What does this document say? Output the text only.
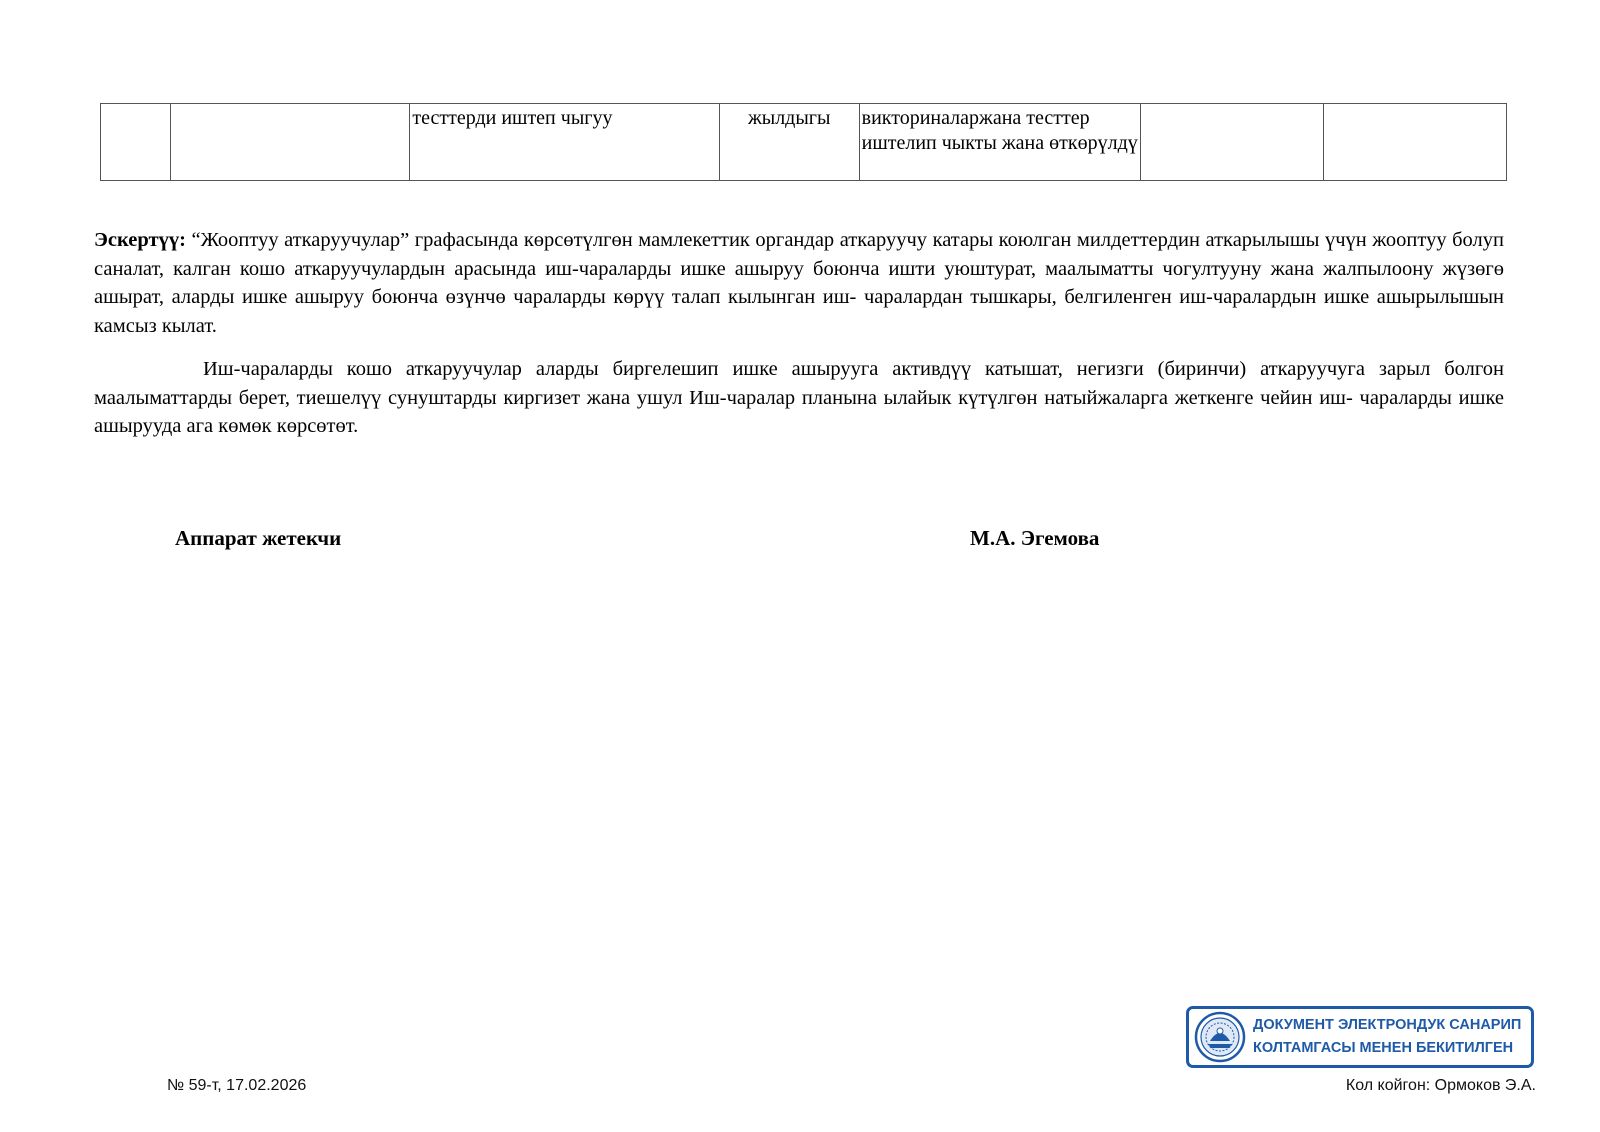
		тесттерди иштеп чыгуу	жылдыгы	викториналаржана тесттер иштелип чыкты жана өткөрүлдү		

Эскертүү: “Жооптуу аткаруучулар” графасында көрсөтүлгөн мамлекеттик органдар аткаруучу катары коюлган милдеттердин аткарылышы үчүн жооптуу болуп саналат, калган кошо аткаруучулардын арасында иш-чараларды ишке ашыруу боюнча ишти уюштурат, маалыматты чогултууну жана жалпылоону жүзөгө ашырат, аларды ишке ашыруу боюнча өзүнчө чараларды көрүү талап кылынган иш- чаралардан тышкары, белгиленген иш-чаралардын ишке ашырылышын камсыз кылат.

Иш-чараларды кошо аткаруучулар аларды биргелешип ишке ашырууга активдүү катышат, негизги (биринчи) аткаруучуга зарыл болгон маалыматтарды берет, тиешелүү сунуштарды киргизет жана ушул Иш-чаралар планына ылайык күтүлгөн натыйжаларга жеткенге чейин иш- чараларды ишке ашырууда ага көмөк көрсөтөт.

Аппарат жетекчи	М.А. Эгемова
ДОКУМЕНТ ЭЛЕКТРОНДУК САНАРИП
КОЛТАМГАСЫ МЕНЕН БЕКИТИЛГЕН
№ 59-т, 17.02.2026	Кол койгон: Ормоков Э.А.
